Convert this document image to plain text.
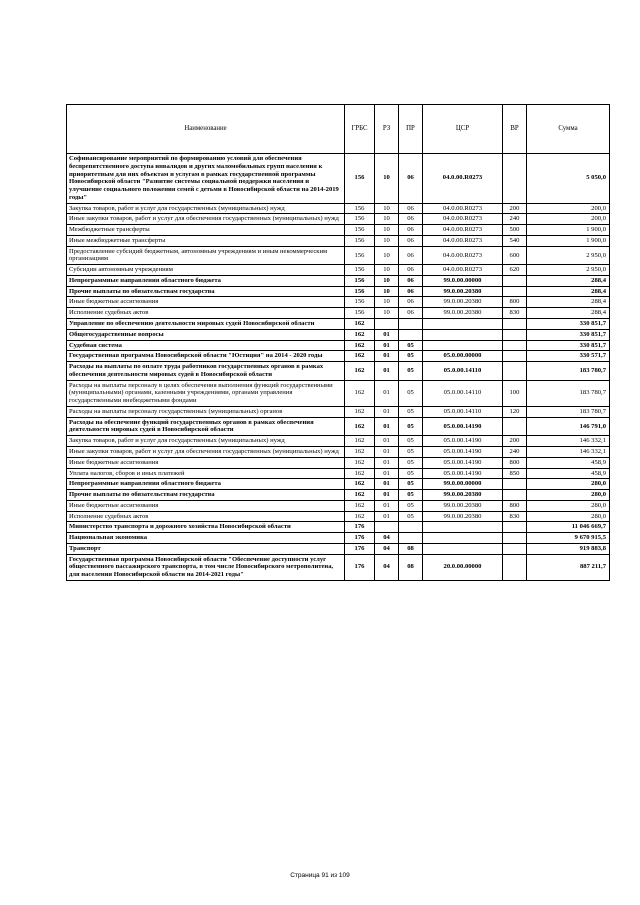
Наименование	ГРБС	РЗ	ПР	ЦСР	ВР	Сумма
Софинансирование мероприятий по формированию условий для обеспечения беспрепятственного доступа инвалидов и других маломобильных групп населения к приоритетным для них объектам и услугам в рамках государственной программы Новосибирской области "Развитие системы социальной поддержки населения и улучшение социального положения семей с детьми в Новосибирской области на 2014-2019 годы"	156	10	06	04.0.00.R0273		5 050,0
Закупка товаров, работ и услуг для государственных (муниципальных) нужд	156	10	06	04.0.00.R0273	200	200,0
Иные закупки товаров, работ и услуг для обеспечения государственных (муниципальных) нужд	156	10	06	04.0.00.R0273	240	200,0
Межбюджетные трансферты	156	10	06	04.0.00.R0273	500	1 900,0
Иные межбюджетные трансферты	156	10	06	04.0.00.R0273	540	1 900,0
Предоставление субсидий бюджетным, автономным учреждениям и иным некоммерческим организациям	156	10	06	04.0.00.R0273	600	2 950,0
Субсидии автономным учреждениям	156	10	06	04.0.00.R0273	620	2 950,0
Непрограммные направления областного бюджета	156	10	06	99.0.00.00000		288,4
Прочие выплаты по обязательствам государства	156	10	06	99.0.00.20380		288,4
Иные бюджетные ассигнования	156	10	06	99.0.00.20380	800	288,4
Исполнение судебных актов	156	10	06	99.0.00.20380	830	288,4
Управление по обеспечению деятельности мировых судей Новосибирской области	162					330 851,7
Общегосударственные вопросы	162	01				330 851,7
Судебная система	162	01	05			330 851,7
Государственная программа Новосибирской области "Юстиция" на 2014 - 2020 годы	162	01	05	05.0.00.00000		330 571,7
Расходы на выплаты по оплате труда работников государственных органов в рамках обеспечения деятельности мировых судей в Новосибирской области	162	01	05	05.0.00.14110		183 780,7
Расходы на выплаты персоналу в целях обеспечения выполнения функций государственными (муниципальными) органами, казенными учреждениями, органами управления государственными внебюджетными фондами	162	01	05	05.0.00.14110	100	183 780,7
Расходы на выплаты персоналу государственных (муниципальных) органов	162	01	05	05.0.00.14110	120	183 780,7
Расходы на обеспечение функций государственных органов в рамках обеспечения деятельности мировых судей в Новосибирской области	162	01	05	05.0.00.14190		146 791,0
Закупка товаров, работ и услуг для государственных (муниципальных) нужд	162	01	05	05.0.00.14190	200	146 332,1
Иные закупки товаров, работ и услуг для обеспечения государственных (муниципальных) нужд	162	01	05	05.0.00.14190	240	146 332,1
Иные бюджетные ассигнования	162	01	05	05.0.00.14190	800	458,9
Уплата налогов, сборов и иных платежей	162	01	05	05.0.00.14190	850	458,9
Непрограммные направления областного бюджета	162	01	05	99.0.00.00000		280,0
Прочие выплаты по обязательствам государства	162	01	05	99.0.00.20380		280,0
Иные бюджетные ассигнования	162	01	05	99.0.00.20380	800	280,0
Исполнение судебных актов	162	01	05	99.0.00.20380	830	280,0
Министерство транспорта и дорожного хозяйства Новосибирской области	176					11 046 669,7
Национальная экономика	176	04				9 670 915,5
Транспорт	176	04	08			919 883,8
Государственная программа Новосибирской области "Обеспечение доступности услуг общественного пассажирского транспорта, в том числе Новосибирского метрополитена, для населения Новосибирской области на 2014-2021 годы"	176	04	08	20.0.00.00000		887 211,7
Страница 91 из 109
